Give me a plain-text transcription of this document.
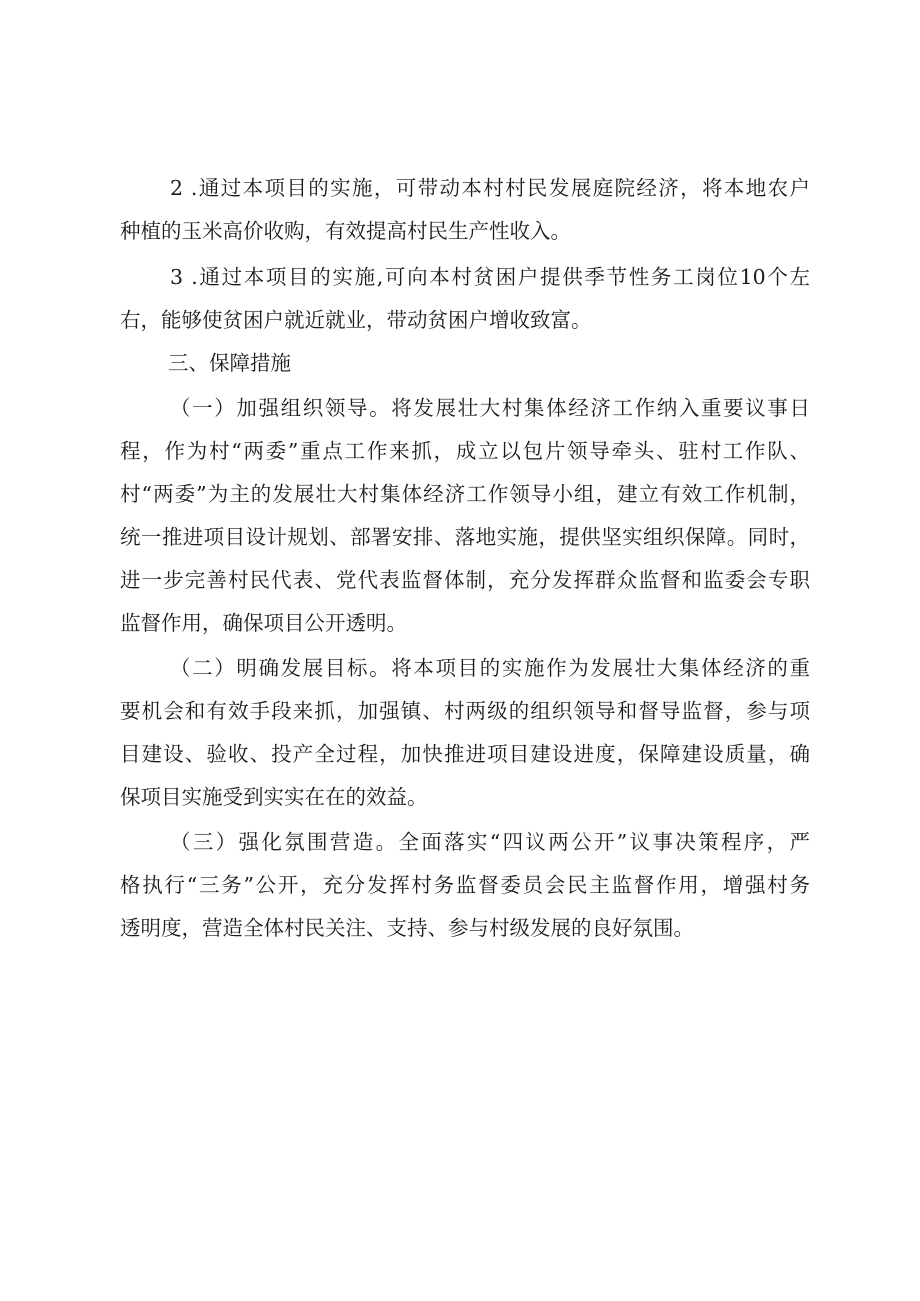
2 .通过本项目的实施，可带动本村村民发展庭院经济，将本地农户
种植的玉米高价收购，有效提高村民生产性收入。
3 .通过本项目的实施,可向本村贫困户提供季节性务工岗位10个左
右，能够使贫困户就近就业，带动贫困户增收致富。
三、保障措施
（一）加强组织领导。将发展壮大村集体经济工作纳入重要议事日
程，作为村“两委”重点工作来抓，成立以包片领导牵头、驻村工作队、
村“两委”为主的发展壮大村集体经济工作领导小组，建立有效工作机制，
统一推进项目设计规划、部署安排、落地实施，提供坚实组织保障。同时，
进一步完善村民代表、党代表监督体制，充分发挥群众监督和监委会专职
监督作用，确保项目公开透明。
（二）明确发展目标。将本项目的实施作为发展壮大集体经济的重
要机会和有效手段来抓，加强镇、村两级的组织领导和督导监督，参与项
目建设、验收、投产全过程，加快推进项目建设进度，保障建设质量，确
保项目实施受到实实在在的效益。
（三）强化氛围营造。全面落实“四议两公开”议事决策程序，严
格执行“三务”公开，充分发挥村务监督委员会民主监督作用，增强村务
透明度，营造全体村民关注、支持、参与村级发展的良好氛围。
